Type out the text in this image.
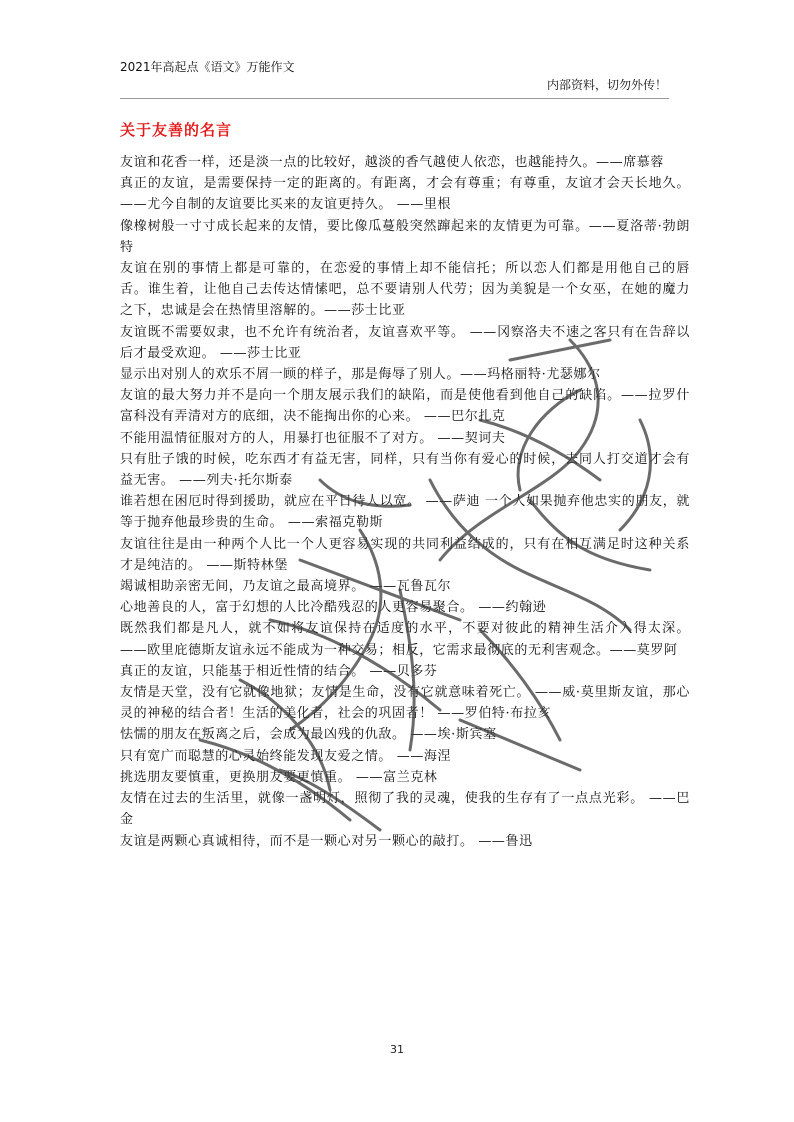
2021年高起点《语文》万能作文
内部资料，切勿外传！
关于友善的名言
友谊和花香一样，还是淡一点的比较好，越淡的香气越使人依恋，也越能持久。——席慕蓉
真正的友谊，是需要保持一定的距离的。有距离，才会有尊重；有尊重，友谊才会天长地久。 ——尤今自制的友谊要比买来的友谊更持久。 ——里根
像橡树般一寸寸成长起来的友情，要比像瓜蔓般突然蹿起来的友情更为可靠。——夏洛蒂·勃朗特
友谊在别的事情上都是可靠的，在恋爱的事情上却不能信托；所以恋人们都是用他自己的唇舌。谁生着，让他自己去传达情愫吧，总不要请别人代劳；因为美貌是一个女巫，在她的魔力之下，忠诚是会在热情里溶解的。——莎士比亚
友谊既不需要奴隶，也不允许有统治者，友谊喜欢平等。 ——冈察洛夫不速之客只有在告辞以后才最受欢迎。 ——莎士比亚
显示出对别人的欢乐不屑一顾的样子，那是侮辱了别人。——玛格丽特·尤瑟娜尔
友谊的最大努力并不是向一个朋友展示我们的缺陷，而是使他看到他自己的缺陷。——拉罗什富科没有弄清对方的底细，决不能掏出你的心来。 ——巴尔扎克
不能用温情征服对方的人，用暴打也征服不了对方。 ——契诃夫
只有肚子饿的时候，吃东西才有益无害，同样，只有当你有爱心的时候，去同人打交道才会有益无害。 ——列夫·托尔斯泰
谁若想在困厄时得到援助，就应在平日待人以宽。 ——萨迪 一个人如果抛弃他忠实的朋友，就等于抛弃他最珍贵的生命。 ——索福克勒斯
友谊往往是由一种两个人比一个人更容易实现的共同利益结成的，只有在相互满足时这种关系才是纯洁的。 ——斯特林堡
竭诚相助亲密无间，乃友谊之最高境界。 ——瓦鲁瓦尔
心地善良的人，富于幻想的人比冷酷残忍的人更容易聚合。 ——约翰逊
既然我们都是凡人，就不如将友谊保持在适度的水平，不要对彼此的精神生活介入得太深。 ——欧里庇德斯友谊永远不能成为一种交易；相反，它需求最彻底的无利害观念。——莫罗阿
真正的友谊，只能基于相近性情的结合。 ——贝多芬
友情是天堂，没有它就像地狱；友情是生命，没有它就意味着死亡。 ——威·莫里斯友谊，那心灵的神秘的结合者！生活的美化者，社会的巩固者！ ——罗伯特·布拉亥
怯懦的朋友在叛离之后，会成为最凶残的仇敌。 ——埃·斯宾塞
只有宽广而聪慧的心灵始终能发现友爱之情。 ——海涅
挑选朋友要慎重，更换朋友要更慎重。 ——富兰克林
友情在过去的生活里，就像一盏明灯，照彻了我的灵魂，使我的生存有了一点点光彩。 ——巴金
友谊是两颗心真诚相待，而不是一颗心对另一颗心的敲打。 ——鲁迅
31
